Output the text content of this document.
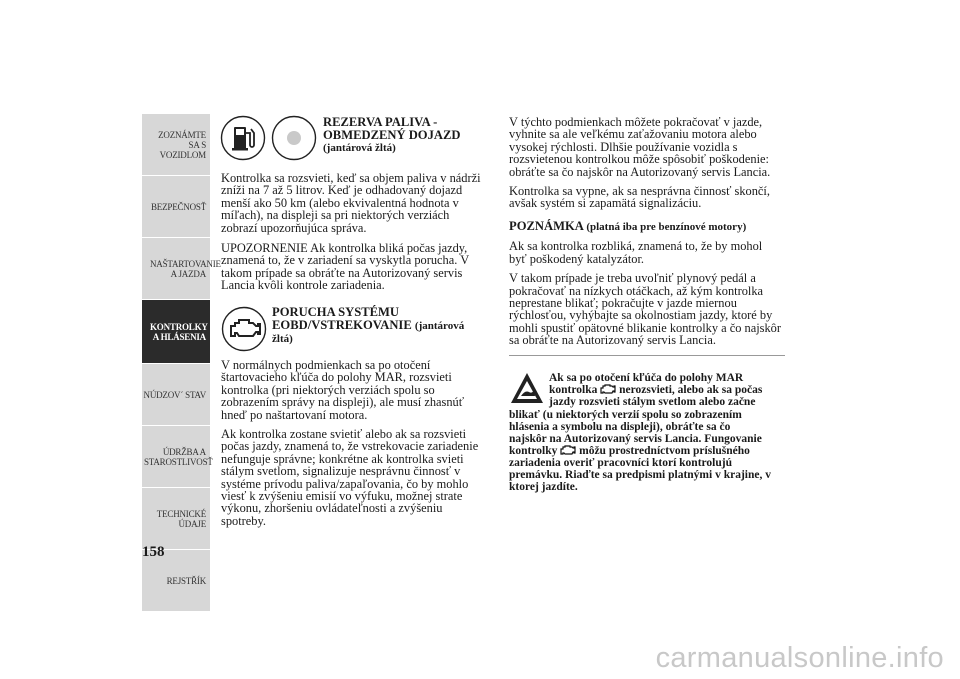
ZOZNÁMTE SA S VOZIDLOM
BEZPEČNOSŤ
NAŠTARTOVANIE A JAZDA
KONTROLKY A HLÁSENIA
NÚDZOV´ STAV
ÚDRŽBA A STAROSTLIVOSŤ
TECHNICKÉ ÚDAJE
REJSTŘÍK
158
REZERVA PALIVA - OBMEDZENÝ DOJAZD
(jantárová žltá)

Kontrolka sa rozsvieti, keď sa objem paliva v nádrži zníži na 7 až 5 litrov. Keď je odhadovaný dojazd menší ako 50 km (alebo ekvivalentná hodnota v míľach), na displeji sa pri niektorých verziách zobrazí upozorňujúca správa.

UPOZORNENIE Ak kontrolka bliká počas jazdy, znamená to, že v zariadení sa vyskytla porucha. V takom prípade sa obráťte na Autorizovaný servis Lancia kvôli kontrole zariadenia.

PORUCHA SYSTÉMU EOBD/VSTREKOVANIE (jantárová žltá)

V normálnych podmienkach sa po otočení štartovacieho kľúča do polohy MAR, rozsvieti kontrolka (pri niektorých verziách spolu so zobrazením správy na displeji), ale musí zhasnúť hneď po naštartovaní motora.

Ak kontrolka zostane svietiť alebo ak sa rozsvieti počas jazdy, znamená to, že vstrekovacie zariadenie nefunguje správne; konkrétne ak kontrolka svieti stálym svetlom, signalizuje nesprávnu činnosť v systéme prívodu paliva/zapaľovania, čo by mohlo viesť k zvýšeniu emisií vo výfuku, možnej strate výkonu, zhoršeniu ovládateľnosti a zvýšeniu spotreby.

V týchto podmienkach môžete pokračovať v jazde, vyhnite sa ale veľkému zaťažovaniu motora alebo vysokej rýchlosti. Dlhšie používanie vozidla s rozsvietenou kontrolkou môže spôsobiť poškodenie: obráťte sa čo najskôr na Autorizovaný servis Lancia.

Kontrolka sa vypne, ak sa nesprávna činnosť skončí, avšak systém si zapamätá signalizáciu.

POZNÁMKA (platná iba pre benzínové motory)

Ak sa kontrolka rozbliká, znamená to, že by mohol byť poškodený katalyzátor.

V takom prípade je treba uvoľniť plynový pedál a pokračovať na nízkych otáčkach, až kým kontrolka neprestane blikať; pokračujte v jazde miernou rýchlosťou, vyhýbajte sa okolnostiam jazdy, ktoré by mohli spustiť opätovné blikanie kontrolky a čo najskôr sa obráťte na Autorizovaný servis Lancia.

Ak sa po otočení kľúča do polohy MAR
kontrolka nerozsvieti, alebo ak sa počas
jazdy rozsvieti stálym svetlom alebo začne
blikať (u niektorých verzií spolu so zobrazením
hlásenia a symbolu na displeji), obráťte sa čo
najskôr na Autorizovaný servis Lancia. Fungovanie
kontrolky môžu prostredníctvom príslušného
zariadenia overiť pracovníci ktorí kontrolujú
premávku. Riaďte sa predpismi platnými v krajine, v
ktorej jazdíte.
carmanualsonline.info
